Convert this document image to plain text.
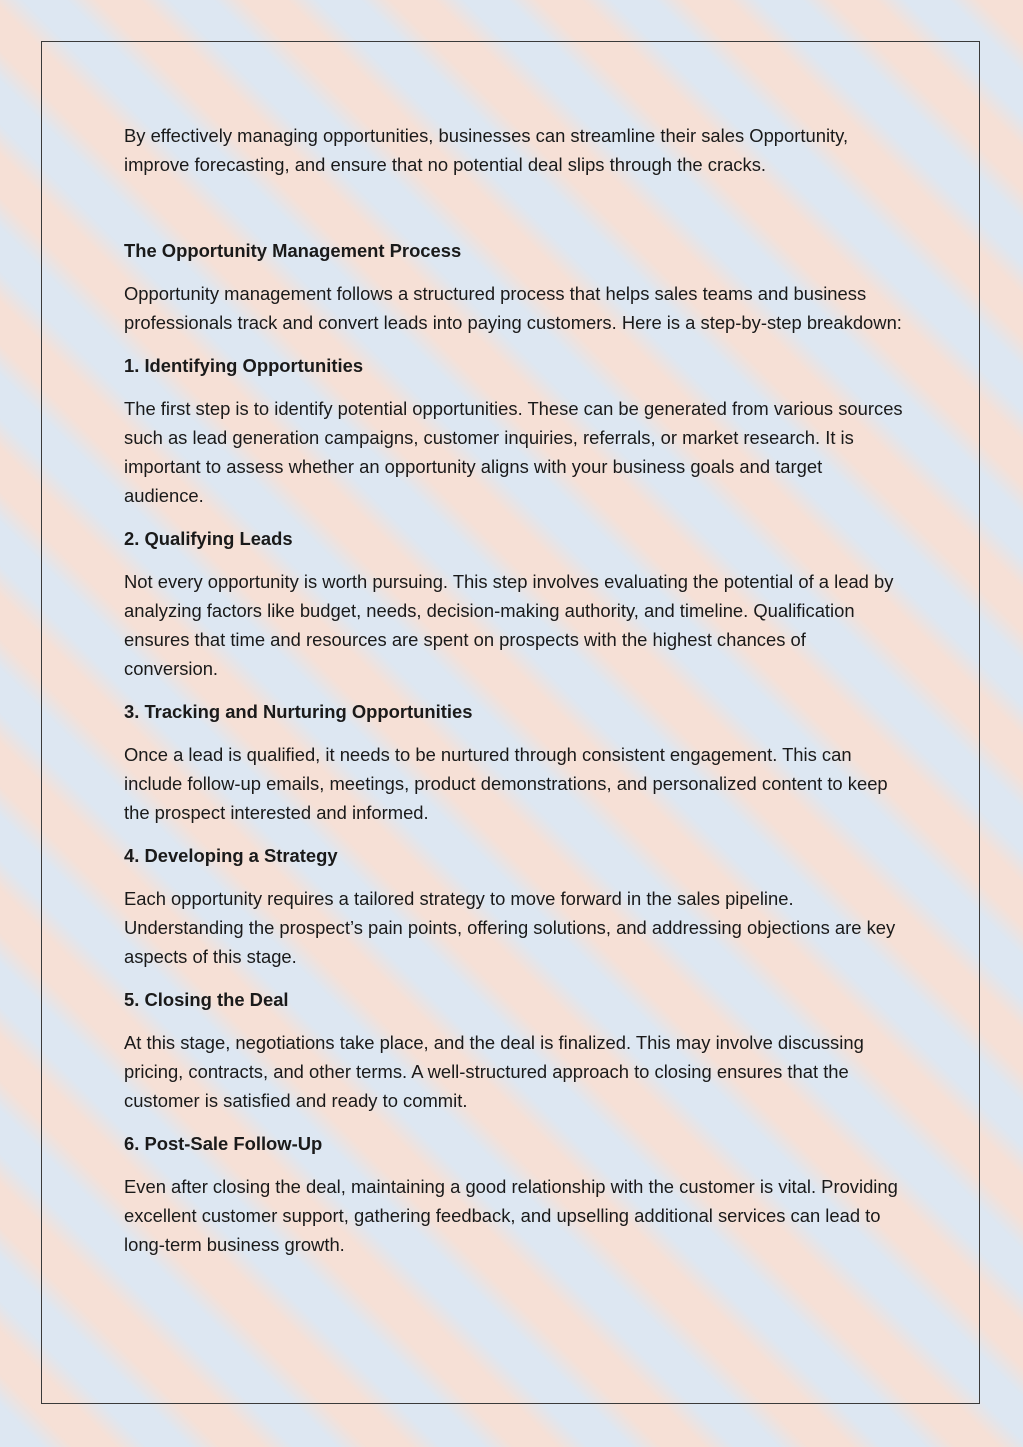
By effectively managing opportunities, businesses can streamline their sales Opportunity, improve forecasting, and ensure that no potential deal slips through the cracks.

The Opportunity Management Process

Opportunity management follows a structured process that helps sales teams and business professionals track and convert leads into paying customers. Here is a step-by-step breakdown:

1. Identifying Opportunities

The first step is to identify potential opportunities. These can be generated from various sources such as lead generation campaigns, customer inquiries, referrals, or market research. It is important to assess whether an opportunity aligns with your business goals and target audience.

2. Qualifying Leads

Not every opportunity is worth pursuing. This step involves evaluating the potential of a lead by analyzing factors like budget, needs, decision-making authority, and timeline. Qualification ensures that time and resources are spent on prospects with the highest chances of conversion.

3. Tracking and Nurturing Opportunities

Once a lead is qualified, it needs to be nurtured through consistent engagement. This can include follow-up emails, meetings, product demonstrations, and personalized content to keep the prospect interested and informed.

4. Developing a Strategy

Each opportunity requires a tailored strategy to move forward in the sales pipeline. Understanding the prospect’s pain points, offering solutions, and addressing objections are key aspects of this stage.

5. Closing the Deal

At this stage, negotiations take place, and the deal is finalized. This may involve discussing pricing, contracts, and other terms. A well-structured approach to closing ensures that the customer is satisfied and ready to commit.

6. Post-Sale Follow-Up

Even after closing the deal, maintaining a good relationship with the customer is vital. Providing excellent customer support, gathering feedback, and upselling additional services can lead to long-term business growth.
